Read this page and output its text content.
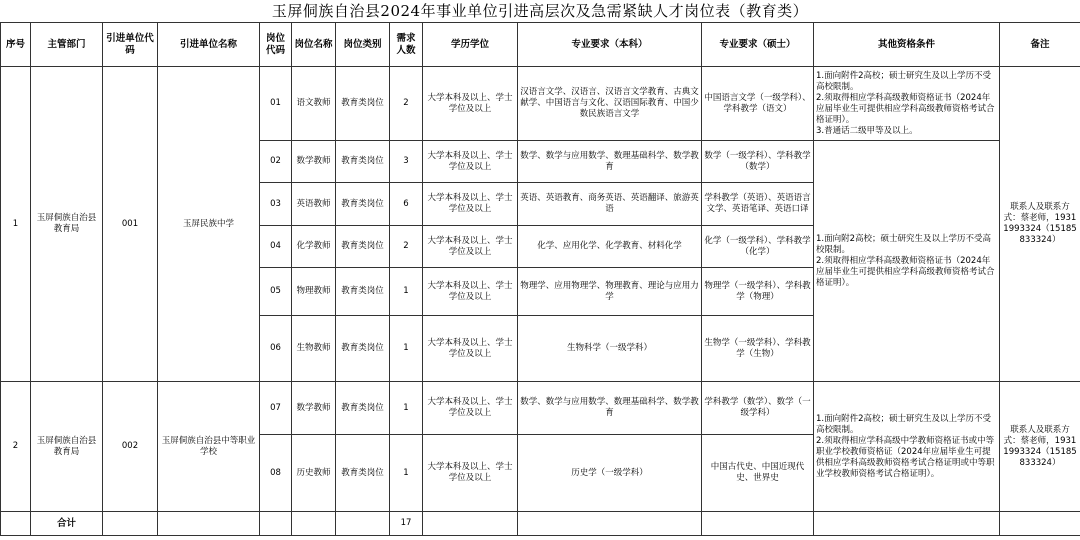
玉屏侗族自治县2024年事业单位引进高层次及急需紧缺人才岗位表（教育类）
序号	主管部门	引进单位代码	引进单位名称	岗位代码	岗位名称	岗位类别	需求人数	学历学位	专业要求（本科）	专业要求（硕士）	其他资格条件	备注
1	玉屏侗族自治县教育局	001	玉屏民族中学	01	语文教师	教育类岗位	2	大学本科及以上、学士学位及以上	汉语言文学、汉语言、汉语言文学教育、古典文献学、中国语言与文化、汉语国际教育、中国少数民族语言文学	中国语言文学（一级学科）、学科教学（语文）	1.面向附件2高校；硕士研究生及以上学历不受高校限制。
2.须取得相应学科高级教师资格证书（2024年应届毕业生可提供相应学科高级教师资格考试合格证明）。
3.普通话二级甲等及以上。	联系人及联系方式：蔡老师，19311993324（15185833324）
				02	数学教师	教育类岗位	3	大学本科及以上、学士学位及以上	数学、数学与应用数学、数理基础科学、数学教育	数学（一级学科）、学科教学（数学）	1.面向附2高校；硕士研究生及以上学历不受高校限制。
2.须取得相应学科高级教师资格证书（2024年应届毕业生可提供相应学科高级教师资格考试合格证明）。	
				03	英语教师	教育类岗位	6	大学本科及以上、学士学位及以上	英语、英语教育、商务英语、英语翻译、旅游英语	学科教学（英语）、英语语言文学、英语笔译、英语口译		
				04	化学教师	教育类岗位	2	大学本科及以上、学士学位及以上	化学、应用化学、化学教育、材料化学	化学（一级学科）、学科教学（化学）		
				05	物理教师	教育类岗位	1	大学本科及以上、学士学位及以上	物理学、应用物理学、物理教育、理论与应用力学	物理学（一级学科）、学科教学（物理）		
				06	生物教师	教育类岗位	1	大学本科及以上、学士学位及以上	生物科学（一级学科）	生物学（一级学科）、学科教学（生物）		
2	玉屏侗族自治县教育局	002	玉屏侗族自治县中等职业学校	07	数学教师	教育类岗位	1	大学本科及以上、学士学位及以上	数学、数学与应用数学、数理基础科学、数学教育	学科教学（数学）、数学（一级学科）	1.面向附件2高校；硕士研究生及以上学历不受高校限制。
2.须取得相应学科高级中学教师资格证书或中等职业学校教师资格证（2024年应届毕业生可提供相应学科高级教师资格考试合格证明或中等职业学校教师资格考试合格证明）。	联系人及联系方式：蔡老师，19311993324（15185833324）
				08	历史教师	教育类岗位	1	大学本科及以上、学士学位及以上	历史学（一级学科）	中国古代史、中国近现代史、世界史		
	合计						17					
